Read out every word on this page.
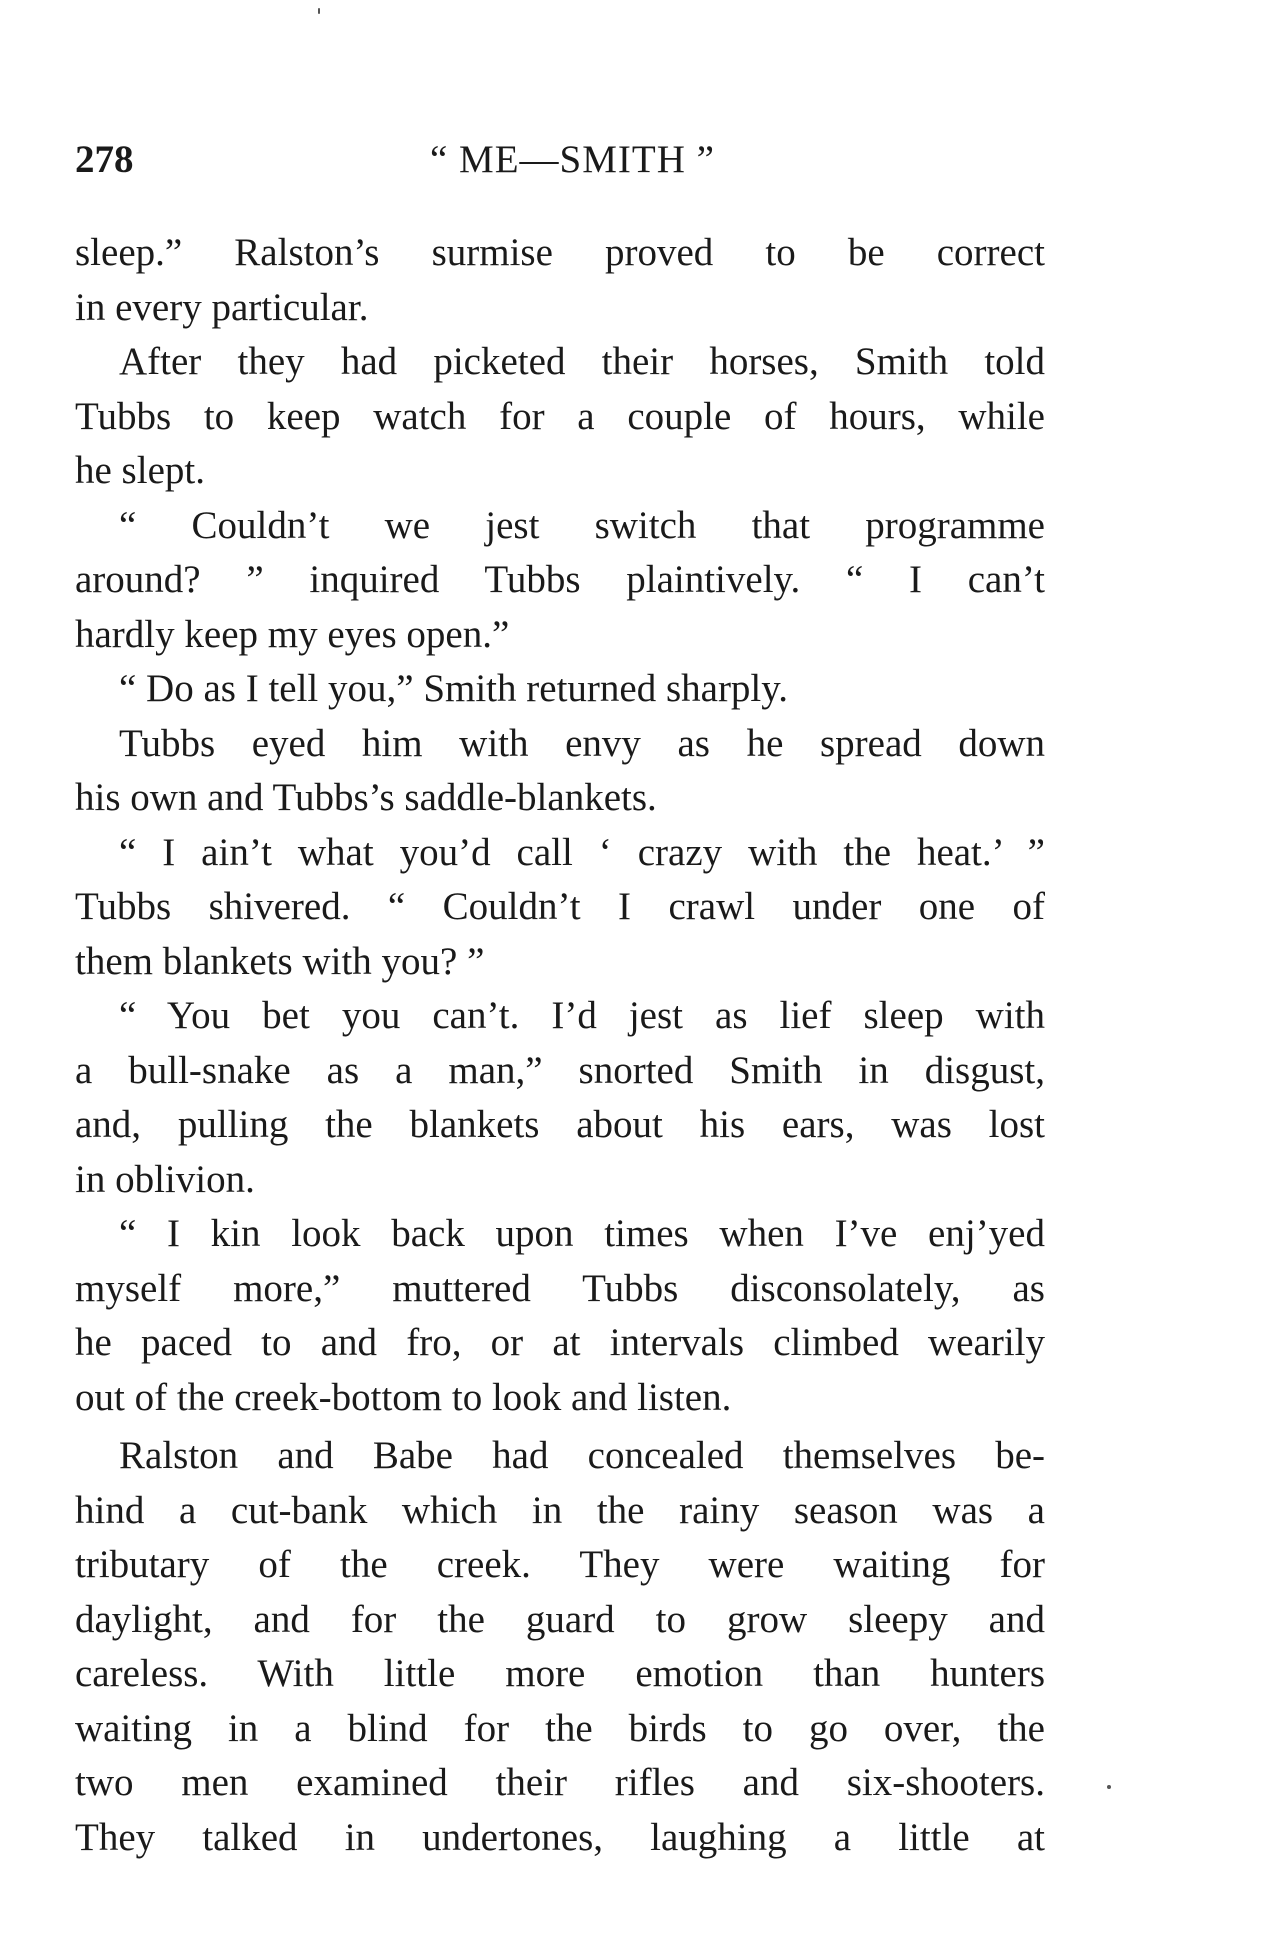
278	“ ME—SMITH ”
sleep.” Ralston’s surmise proved to be correct
in every particular.
After they had picketed their horses, Smith told
Tubbs to keep watch for a couple of hours, while
he slept.
“ Couldn’t we jest switch that programme
around? ” inquired Tubbs plaintively. “ I can’t
hardly keep my eyes open.”
“ Do as I tell you,” Smith returned sharply.
Tubbs eyed him with envy as he spread down
his own and Tubbs’s saddle-blankets.
“ I ain’t what you’d call ‘ crazy with the heat.’ ”
Tubbs shivered. “ Couldn’t I crawl under one of
them blankets with you? ”
“ You bet you can’t. I’d jest as lief sleep with
a bull-snake as a man,” snorted Smith in disgust,
and, pulling the blankets about his ears, was lost
in oblivion.
“ I kin look back upon times when I’ve enj’yed
myself more,” muttered Tubbs disconsolately, as
he paced to and fro, or at intervals climbed wearily
out of the creek-bottom to look and listen.
Ralston and Babe had concealed themselves be-
hind a cut-bank which in the rainy season was a
tributary of the creek. They were waiting for
daylight, and for the guard to grow sleepy and
careless. With little more emotion than hunters
waiting in a blind for the birds to go over, the
two men examined their rifles and six-shooters.
They talked in undertones, laughing a little at
